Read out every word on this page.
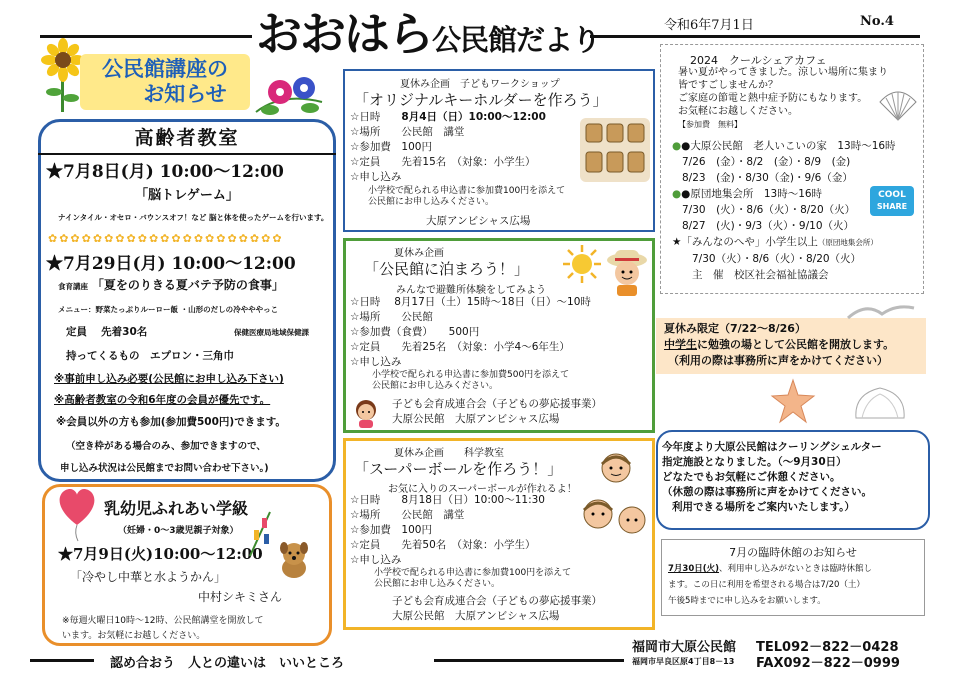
おおはら公民館だより	令和6年7月1日	No.4
公民館講座の
お知らせ
高齢者教室
★7月8日(月) 10:00～12:00
「脳トレゲーム」
ナインタイル・オセロ・バウンスオフ！など 脳と体を使ったゲームを行います。
✿✿✿✿✿✿✿✿✿✿✿✿✿✿✿✿✿✿✿✿✿
★7月29日(月) 10:00～12:00
食育講座 「夏をのりきる夏バテ予防の食事」
メニュー：野菜たっぷりルーロー飯 ・山形のだしの冷やややっこ
定員　 先着30名	保健医療局地域保健課
持ってくるもの　エプロン・三角巾
※事前申し込み必要(公民館にお申し込み下さい)
※高齢者教室の令和6年度の会員が優先です。
※会員以外の方も参加(参加費500円)できます。
（空き枠がある場合のみ、参加できますので、
申し込み状況は公民館までお問い合わせ下さい。)
乳幼児ふれあい学級
（妊婦・0～3歳児親子対象）
★7月9日(火)10:00～12:00
「冷やし中華と水ようかん」
中村シキミさん
※毎週火曜日10時～12時、公民館講堂を開放して
います。お気軽にお越しください。
夏休み企画　子どもワークショップ
「オリジナルキーホルダーを作ろう」
☆日時　　 8月4日（日）10:00～12:00
☆場所　　公民館　講堂
☆参加費　100円
☆定員　　先着15名　（対象：小学生）
☆申し込み
小学校で配られる申込書に参加費100円を添えて
公民館にお申し込みください。
大原アンビシャス広場
夏休み企画
「公民館に泊まろう！」
みんなで避難所体験をしてみよう
☆日時　 8月17日（土）15時～18日（日）～10時
☆場所　　公民館
☆参加費（食費）　　500円
☆定員　　先着25名　（対象：小学4～6年生）
☆申し込み
小学校で配られる申込書に参加費500円を添えて
公民館にお申し込みください。
子ども会育成連合会（子どもの夢応援事業）
大原公民館　大原アンビシャス広場
夏休み企画　　科学教室
「スーパーボールを作ろう！」
お気に入りのスーパーボールが作れるよ！
☆日時　　8月18日（日）10:00～11:30
☆場所　　公民館　講堂
☆参加費　100円
☆定員　　先着50名　（対象：小学生）
☆申し込み
小学校で配られる申込書に参加費100円を添えて
公民館にお申し込みください。
子ども会育成連合会（子どもの夢応援事業）
大原公民館　大原アンビシャス広場
2024　クールシェアカフェ
暑い夏がやってきました。涼しい場所に集まり
皆ですごしませんか？
ご家庭の節電と熱中症予防にもなります。
お気軽にお越しください。
【参加費　無料】
●●大原公民館　老人いこいの家　13時～16時
7/26　(金）・8/2　(金）・8/9　(金)
8/23　(金)・8/30（金)・9/6（金）
●●原団地集会所　13時～16時
7/30　(火）・8/6（火）・8/20（火）
8/27　(火)・9/3（火）・9/10（火）
★「みんなのへや」小学生以上（原団地集会所）
7/30（火）・8/6（火）・8/20（火）
主　催　校区社会福祉協議会
COOL
SHARE
夏休み限定（7/22～8/26）
中学生に勉強の場として公民館を開放します。
（利用の際は事務所に声をかけてください）
今年度より大原公民館はクーリングシェルター
指定施設となりました。（～9月30日）
どなたでもお気軽にご休憩ください。
（休憩の際は事務所に声をかけてください。
利用できる場所をご案内いたします。）
7月の臨時休館のお知らせ
7月30日(火)、利用申し込みがないときは臨時休館し
ます。この日に利用を希望される場合は7/20（土）
午後5時までに申し込みをお願いします。
認め合おう　人との違いは　いいところ
福岡市大原公民館 TEL092－822－0428
福岡市早良区原4丁目8－13 FAX092－822－0999
